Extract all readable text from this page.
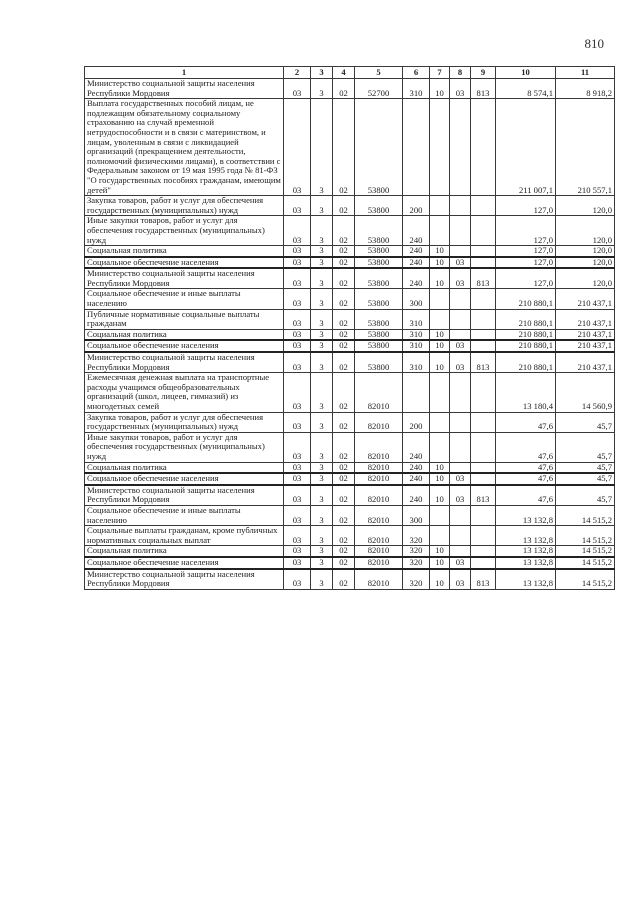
810
1	2	3	4	5	6	7	8	9	10	11
Министерство социальной защиты населения Республики Мордовия	03	3	02	52700	310	10	03	813	8 574,1	8 918,2
Выплата государственных пособий лицам, не подлежащим обязательному социальному страхованию на случай временной нетрудоспособности и в связи с материнством, и лицам, уволенным в связи с ликвидацией организаций (прекращением деятельности, полномочий физическими лицами), в соответствии с Федеральным законом от 19 мая 1995 года № 81-ФЗ "О государственных пособиях гражданам, имеющим детей"	03	3	02	53800					211 007,1	210 557,1
Закупка товаров, работ и услуг для обеспечения государственных (муниципальных) нужд	03	3	02	53800	200				127,0	120,0
Иные закупки товаров, работ и услуг для обеспечения государственных (муниципальных) нужд	03	3	02	53800	240				127,0	120,0
Социальная политика	03	3	02	53800	240	10			127,0	120,0
Социальное обеспечение населения	03	3	02	53800	240	10	03		127,0	120,0
Министерство социальной защиты населения Республики Мордовия	03	3	02	53800	240	10	03	813	127,0	120,0
Социальное обеспечение и иные выплаты населению	03	3	02	53800	300				210 880,1	210 437,1
Публичные нормативные социальные выплаты гражданам	03	3	02	53800	310				210 880,1	210 437,1
Социальная политика	03	3	02	53800	310	10			210 880,1	210 437,1
Социальное обеспечение населения	03	3	02	53800	310	10	03		210 880,1	210 437,1
Министерство социальной защиты населения Республики Мордовия	03	3	02	53800	310	10	03	813	210 880,1	210 437,1
Ежемесячная денежная выплата на транспортные расходы учащимся общеобразовательных организаций (школ, лицеев, гимназий) из многодетных семей	03	3	02	82010					13 180,4	14 560,9
Закупка товаров, работ и услуг для обеспечения государственных (муниципальных) нужд	03	3	02	82010	200				47,6	45,7
Иные закупки товаров, работ и услуг для обеспечения государственных (муниципальных) нужд	03	3	02	82010	240				47,6	45,7
Социальная политика	03	3	02	82010	240	10			47,6	45,7
Социальное обеспечение населения	03	3	02	82010	240	10	03		47,6	45,7
Министерство социальной защиты населения Республики Мордовия	03	3	02	82010	240	10	03	813	47,6	45,7
Социальное обеспечение и иные выплаты населению	03	3	02	82010	300				13 132,8	14 515,2
Социальные выплаты гражданам, кроме публичных нормативных социальных выплат	03	3	02	82010	320				13 132,8	14 515,2
Социальная политика	03	3	02	82010	320	10			13 132,8	14 515,2
Социальное обеспечение населения	03	3	02	82010	320	10	03		13 132,8	14 515,2
Министерство социальной защиты населения Республики Мордовия	03	3	02	82010	320	10	03	813	13 132,8	14 515,2
